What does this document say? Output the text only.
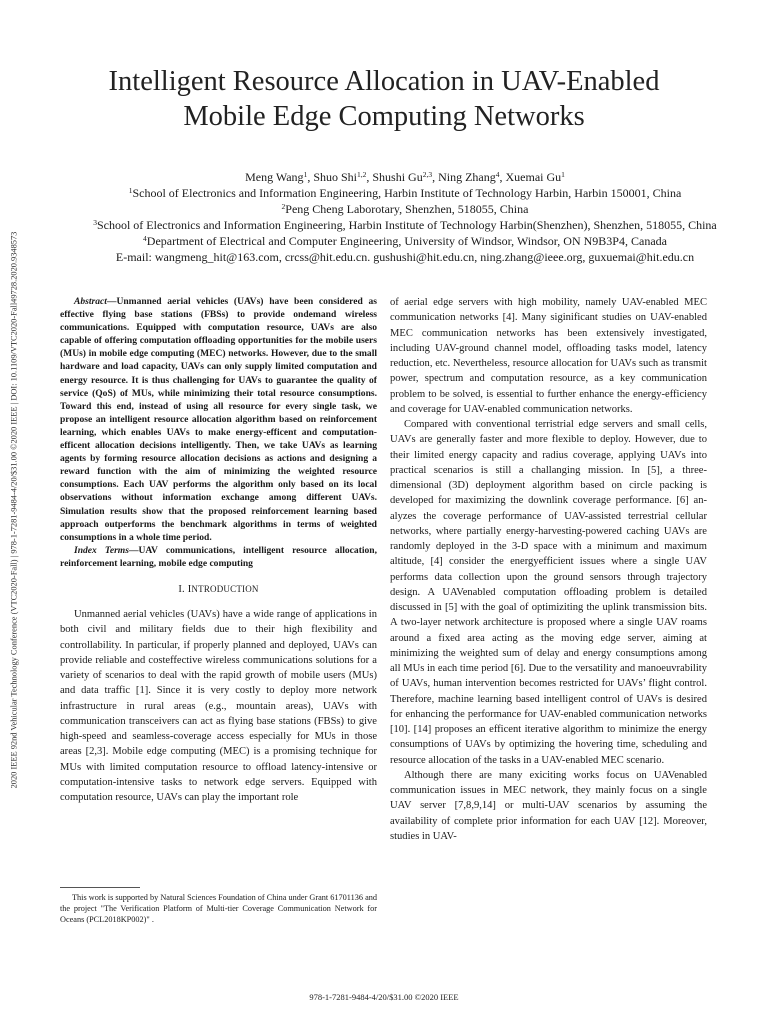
2020 IEEE 92nd Vehicular Technology Conference (VTC2020-Fall) | 978-1-7281-9484-4/20/$31.00 ©2020 IEEE | DOI: 10.1109/VTC2020-Fall49728.2020.9348573
Intelligent Resource Allocation in UAV-Enabled
Mobile Edge Computing Networks
Meng Wang$^1$, Shuo Shi$^{1,2}$, Shushi Gu$^{2,3}$, Ning Zhang$^4$, Xuemai Gu$^1$
$^1$School of Electronics and Information Engineering, Harbin Institute of Technology Harbin, Harbin 150001, China
$^2$Peng Cheng Laborotary, Shenzhen, 518055, China
$^3$School of Electronics and Information Engineering, Harbin Institute of Technology Harbin(Shenzhen), Shenzhen, 518055, China
$^4$Department of Electrical and Computer Engineering, University of Windsor, Windsor, ON N9B3P4, Canada
E-mail: wangmeng_hit@163.com, crcss@hit.edu.cn. gushushi@hit.edu.cn, ning.zhang@ieee.org, guxuemai@hit.edu.cn
Abstract—Unmanned aerial vehicles (UAVs) have been considered as effective flying base stations (FBSs) to provide ondemand wireless communications. Equipped with computation resource, UAVs are also capable of offering computation offloading opportunities for the mobile users (MUs) in mobile edge computing (MEC) networks. However, due to the small hardware and load capacity, UAVs can only supply limited computation and energy resource. It is thus challenging for UAVs to guarantee the quality of service (QoS) of MUs, while minimizing their total resource consumptions. Toward this end, instead of using all resource for every single task, we propose an intelligent resource allocation algorithm based on reinforcement learning, which enables UAVs to make energy-efficent and computation-efficent allocation decisions intelligently. Then, we take UAVs as learning agents by forming resource allocation decisions as actions and designing a reward function with the aim of minimizing the weighted resource consumptions. Each UAV performs the algorithm only based on its local observations without information exchange among different UAVs. Simulation results show that the proposed reinforcement learning based approach outperforms the benchmark algorithms in terms of weighted consumptions in a whole time period.
Index Terms—UAV communications, intelligent resource allocation, reinforcement learning, mobile edge computing
I. INTRODUCTION

Unmanned aerial vehicles (UAVs) have a wide range of applications in both civil and military fields due to their high flexibility and controllability. In particular, if properly planned and deployed, UAVs can provide reliable and costeffective wireless communications solutions for a variety of scenarios to deal with the rapid growth of mobile users (MUs) and data traffic [1]. Since it is very costly to deploy more network infrastructure in rural areas (e.g., mountain areas), UAVs with communication transceivers can act as flying base stations (FBSs) to give high-speed and seamless-coverage access especially for MUs in those areas [2,3]. Mobile edge computing (MEC) is a promising technique for MUs with limited computation resource to offload latency-intensive or computation-intensive tasks to network edge servers. Equipped with computation resource, UAVs can play the important role

This work is supported by Natural Sciences Foundation of China under Grant 61701136 and the project "The Verification Platform of Multi-tier Coverage Communication Network for Oceans (PCL2018KP002)" .

of aerial edge servers with high mobility, namely UAV-enabled MEC communication networks [4]. Many siginificant studies on UAV-enabled MEC communication networks has been extensively investigated, including UAV-ground channel model, offloading tasks model, latency reduction, etc. Nevertheless, resource allocation for UAVs such as transmit power, spectrum and computation resource, as a key communication problem to be solved, is essential to further enhance the energy-efficiency and coverage for UAV-enabled communication networks.

Compared with conventional terristrial edge servers and small cells, UAVs are generally faster and more flexible to deploy. However, due to their limited energy capacity and radius coverage, applying UAVs into practical scenarios is still a challanging mission. In [5], a three-dimensional (3D) deployment algorithm based on circle packing is developed for maximizing the downlink coverage performance. [6] analyzes the coverage performance of UAV-assisted terrestrial cellular networks, where partially energy-harvesting-powered caching UAVs are randomly deployed in the 3-D space with a minimum and maximum altitude, [4] consider the energyefficient issues where a single UAV performs data collection upon the ground sensors through trajectory design. A UAVenabled computation offloading problem is detailed discussed in [5] with the goal of optimiziting the uplink transmission bits. A two-layer network architecture is proposed where a single UAV roams around a fixed area acting as the moving edge server, aiming at minimizing the weighted sum of delay and energy consumptions among all MUs in each time period [6]. Due to the versatility and manoeuvrability of UAVs, human intervention becomes restricted for UAVs’ flight control. Therefore, machine learning based intelligent control of UAVs is desired for enhancing the performance for UAV-enabled communication networks [10]. [14] proposes an efficent iterative algorithm to minimize the energy consumptions of UAVs by optimizing the hovering time, scheduling and resource allocation of the tasks in a UAV-enabled MEC scenario.

Although there are many exiciting works focus on UAVenabled communication issues in MEC network, they mainly focus on a single UAV server [7,8,9,14] or multi-UAV scenarios by assuming the availability of complete prior information for each UAV [12]. Moreover, studies in UAV-

978-1-7281-9484-4/20/$31.00 ©2020 IEEE
